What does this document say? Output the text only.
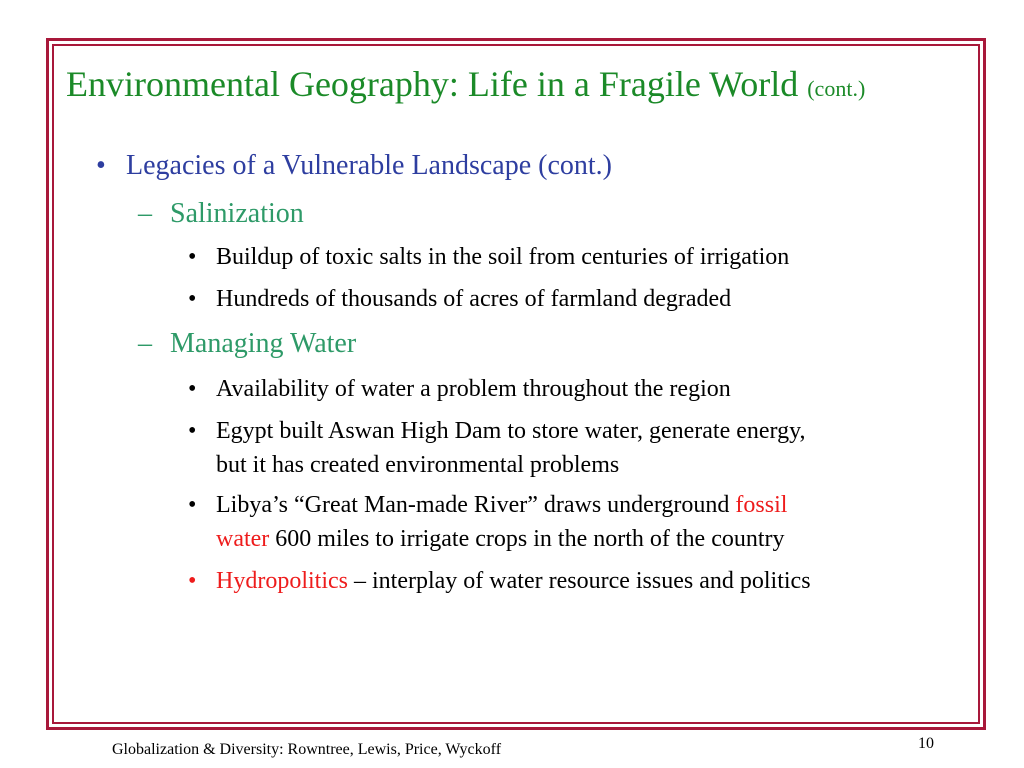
Environmental Geography: Life in a Fragile World (cont.)
• Legacies of a Vulnerable Landscape (cont.)
– Salinization
• Buildup of toxic salts in the soil from centuries of irrigation
• Hundreds of thousands of acres of farmland degraded
– Managing Water
• Availability of water a problem throughout the region
• Egypt built Aswan High Dam to store water, generate energy,
but it has created environmental problems
• Libya’s “Great Man-made River” draws underground fossil
water 600 miles to irrigate crops in the north of the country
• Hydropolitics – interplay of water resource issues and politics
Globalization & Diversity: Rowntree, Lewis, Price, Wyckoff	10
